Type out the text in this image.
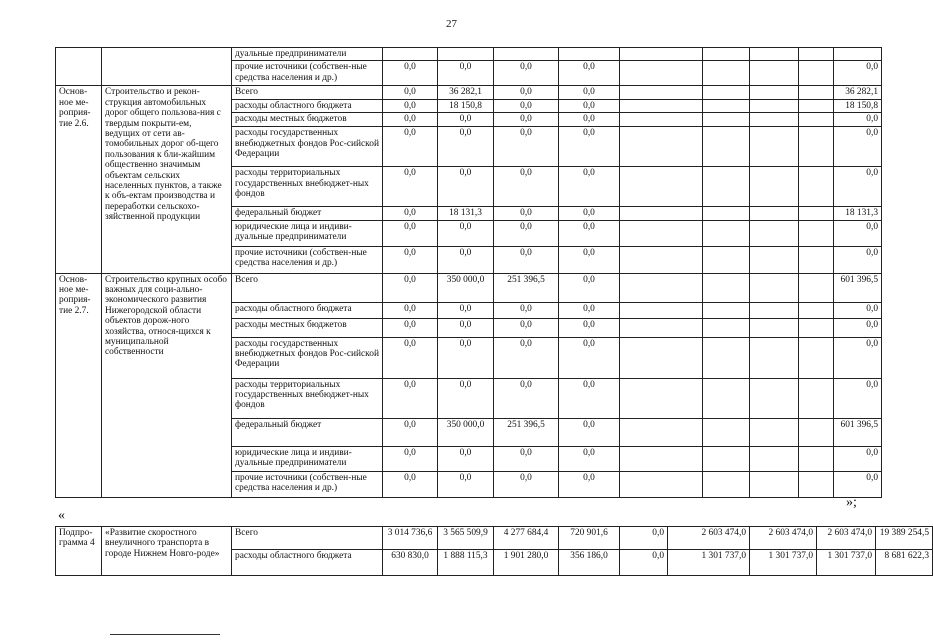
27
		дуальные предприниматели									
		прочие источники (собствен-ные средства населения и др.)	0,0	0,0	0,0	0,0					0,0
Основ-ное ме-роприя-тие 2.6.	Строительство и рекон-струкция автомобильных дорог общего пользова-ния с твердым покрыти-ем, ведущих от сети ав-томобильных дорог об-щего пользования к бли-жайшим общественно значимым объектам сельских населенных пунктов, а также к объ-ектам производства и переработки сельскохо-зяйственной продукции	Всего	0,0	36 282,1	0,0	0,0					36 282,1
		расходы областного бюджета	0,0	18 150,8	0,0	0,0					18 150,8
		расходы местных бюджетов	0,0	0,0	0,0	0,0					0,0
		расходы государственных внебюджетных фондов Рос-сийской Федерации	0,0	0,0	0,0	0,0					0,0
		расходы территориальных государственных внебюджет-ных фондов	0,0	0,0	0,0	0,0					0,0
		федеральный бюджет	0,0	18 131,3	0,0	0,0					18 131,3
		юридические лица и индиви-дуальные предприниматели	0,0	0,0	0,0	0,0					0,0
		прочие источники (собствен-ные средства населения и др.)	0,0	0,0	0,0	0,0					0,0
Основ-ное ме-роприя-тие 2.7.	Строительство крупных особо важных для соци-ально-экономического развития Нижегородской области объектов дорож-ного хозяйства, относя-щихся к муниципальной собственности	Всего	0,0	350 000,0	251 396,5	0,0					601 396,5
		расходы областного бюджета	0,0	0,0	0,0	0,0					0,0
		расходы местных бюджетов	0,0	0,0	0,0	0,0					0,0
		расходы государственных внебюджетных фондов Рос-сийской Федерации	0,0	0,0	0,0	0,0					0,0
		расходы территориальных государственных внебюджет-ных фондов	0,0	0,0	0,0	0,0					0,0
		федеральный бюджет	0,0	350 000,0	251 396,5	0,0					601 396,5
		юридические лица и индиви-дуальные предприниматели	0,0	0,0	0,0	0,0					0,0
		прочие источники (собствен-ные средства населения и др.)	0,0	0,0	0,0	0,0					0,0
»;
«
Подпро-грамма 4	«Развитие скоростного внеуличного транспорта в городе Нижнем Новго-роде»	Всего	3 014 736,6	3 565 509,9	4 277 684,4	720 901,6	0,0	2 603 474,0	2 603 474,0	2 603 474,0	19 389 254,5
		расходы областного бюджета	630 830,0	1 888 115,3	1 901 280,0	356 186,0	0,0	1 301 737,0	1 301 737,0	1 301 737,0	8 681 622,3
